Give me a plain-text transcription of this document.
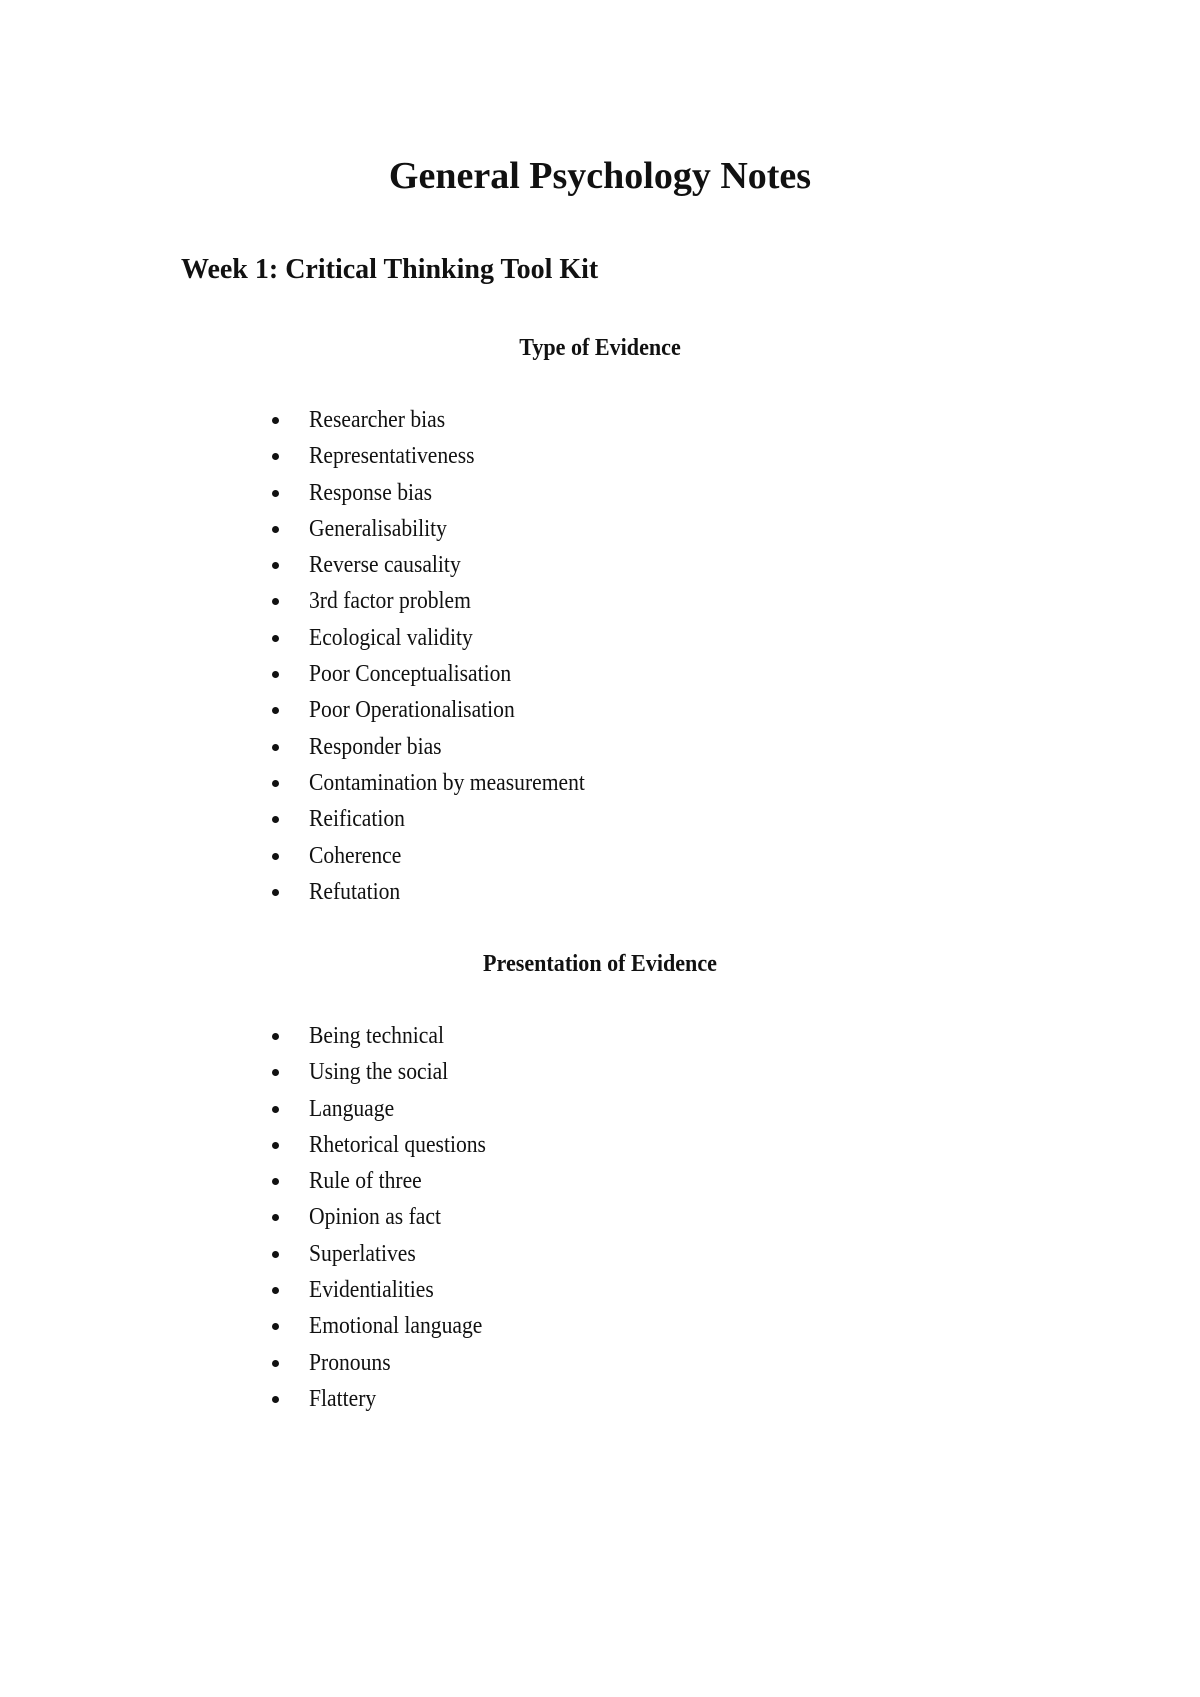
General Psychology Notes
Week 1: Critical Thinking Tool Kit
Type of Evidence
Researcher bias
Representativeness
Response bias
Generalisability
Reverse causality
3rd factor problem
Ecological validity
Poor Conceptualisation
Poor Operationalisation
Responder bias
Contamination by measurement
Reification
Coherence
Refutation
Presentation of Evidence
Being technical
Using the social
Language
Rhetorical questions
Rule of three
Opinion as fact
Superlatives
Evidentialities
Emotional language
Pronouns
Flattery
